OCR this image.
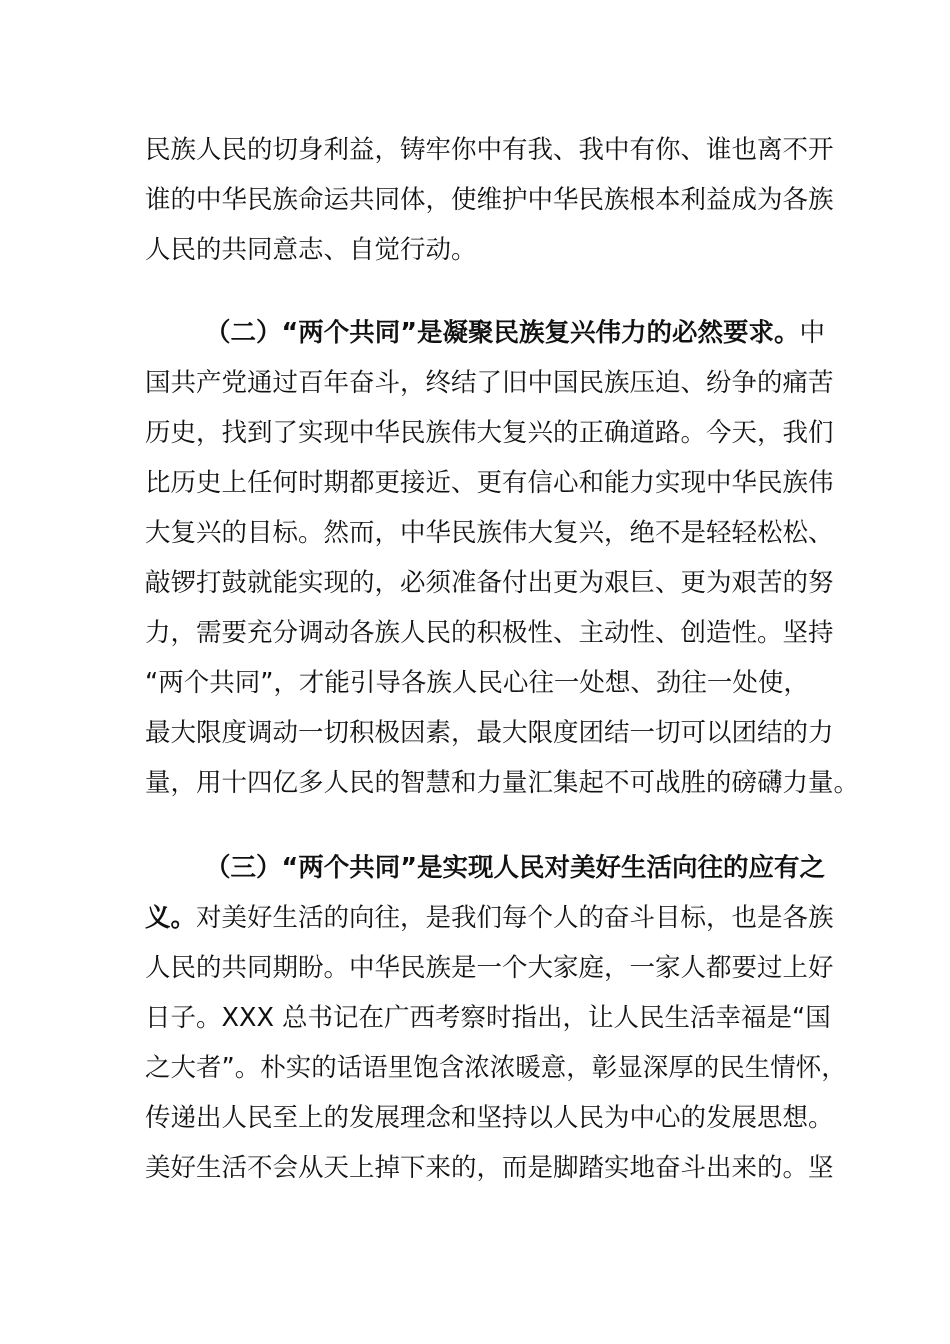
民族人民的切身利益，铸牢你中有我、我中有你、谁也离不开
谁的中华民族命运共同体，使维护中华民族根本利益成为各族
人民的共同意志、自觉行动。
（二）“两个共同”是凝聚民族复兴伟力的必然要求。中
国共产党通过百年奋斗，终结了旧中国民族压迫、纷争的痛苦
历史，找到了实现中华民族伟大复兴的正确道路。今天，我们
比历史上任何时期都更接近、更有信心和能力实现中华民族伟
大复兴的目标。然而，中华民族伟大复兴，绝不是轻轻松松、
敲锣打鼓就能实现的，必须准备付出更为艰巨、更为艰苦的努
力，需要充分调动各族人民的积极性、主动性、创造性。坚持
“两个共同”，才能引导各族人民心往一处想、劲往一处使，
最大限度调动一切积极因素，最大限度团结一切可以团结的力
量，用十四亿多人民的智慧和力量汇集起不可战胜的磅礴力量。
（三）“两个共同”是实现人民对美好生活向往的应有之
义。对美好生活的向往，是我们每个人的奋斗目标，也是各族
人民的共同期盼。中华民族是一个大家庭，一家人都要过上好
日子。XXX 总书记在广西考察时指出，让人民生活幸福是“国
之大者”。朴实的话语里饱含浓浓暖意，彰显深厚的民生情怀，
传递出人民至上的发展理念和坚持以人民为中心的发展思想。
美好生活不会从天上掉下来的，而是脚踏实地奋斗出来的。坚
